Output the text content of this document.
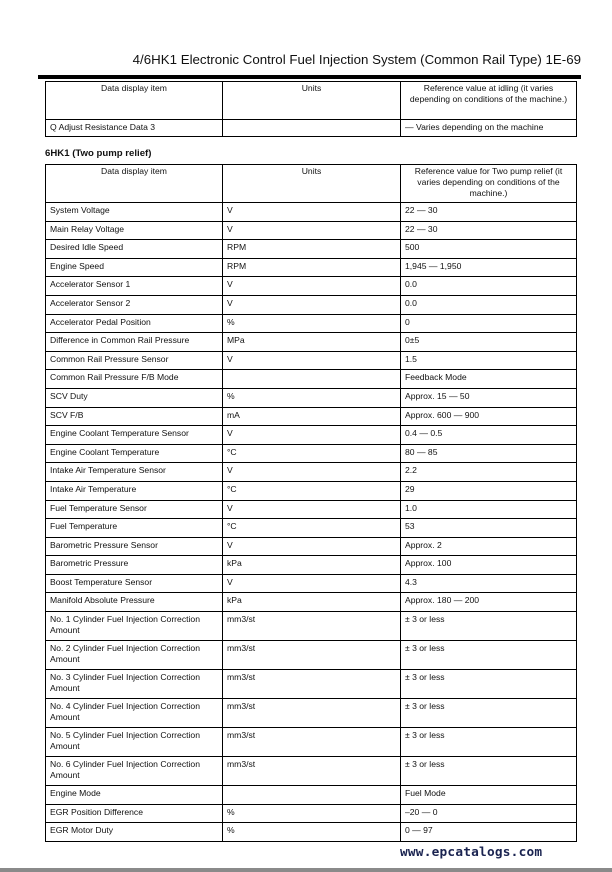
4/6HK1 Electronic Control Fuel Injection System (Common Rail Type) 1E-69
Data display item	Units	Reference value at idling (it varies depending on conditions of the machine.)
Q Adjust Resistance Data 3		— Varies depending on the machine
6HK1 (Two pump relief)
Data display item	Units	Reference value for Two pump relief (it varies depending on conditions of the machine.)
System Voltage	V	22 — 30
Main Relay Voltage	V	22 — 30
Desired Idle Speed	RPM	500
Engine Speed	RPM	1,945 — 1,950
Accelerator Sensor 1	V	0.0
Accelerator Sensor 2	V	0.0
Accelerator Pedal Position	%	0
Difference in Common Rail Pressure	MPa	0±5
Common Rail Pressure Sensor	V	1.5
Common Rail Pressure F/B Mode		Feedback Mode
SCV Duty	%	Approx. 15 — 50
SCV F/B	mA	Approx. 600 — 900
Engine Coolant Temperature Sensor	V	0.4 — 0.5
Engine Coolant Temperature	°C	80 — 85
Intake Air Temperature Sensor	V	2.2
Intake Air Temperature	°C	29
Fuel Temperature Sensor	V	1.0
Fuel Temperature	°C	53
Barometric Pressure Sensor	V	Approx. 2
Barometric Pressure	kPa	Approx. 100
Boost Temperature Sensor	V	4.3
Manifold Absolute Pressure	kPa	Approx. 180 — 200
No. 1 Cylinder Fuel Injection Correction Amount	mm3/st	± 3 or less
No. 2 Cylinder Fuel Injection Correction Amount	mm3/st	± 3 or less
No. 3 Cylinder Fuel Injection Correction Amount	mm3/st	± 3 or less
No. 4 Cylinder Fuel Injection Correction Amount	mm3/st	± 3 or less
No. 5 Cylinder Fuel Injection Correction Amount	mm3/st	± 3 or less
No. 6 Cylinder Fuel Injection Correction Amount	mm3/st	± 3 or less
Engine Mode		Fuel Mode
EGR Position Difference	%	–20 — 0
EGR Motor Duty	%	0 — 97
www.epcatalogs.com
